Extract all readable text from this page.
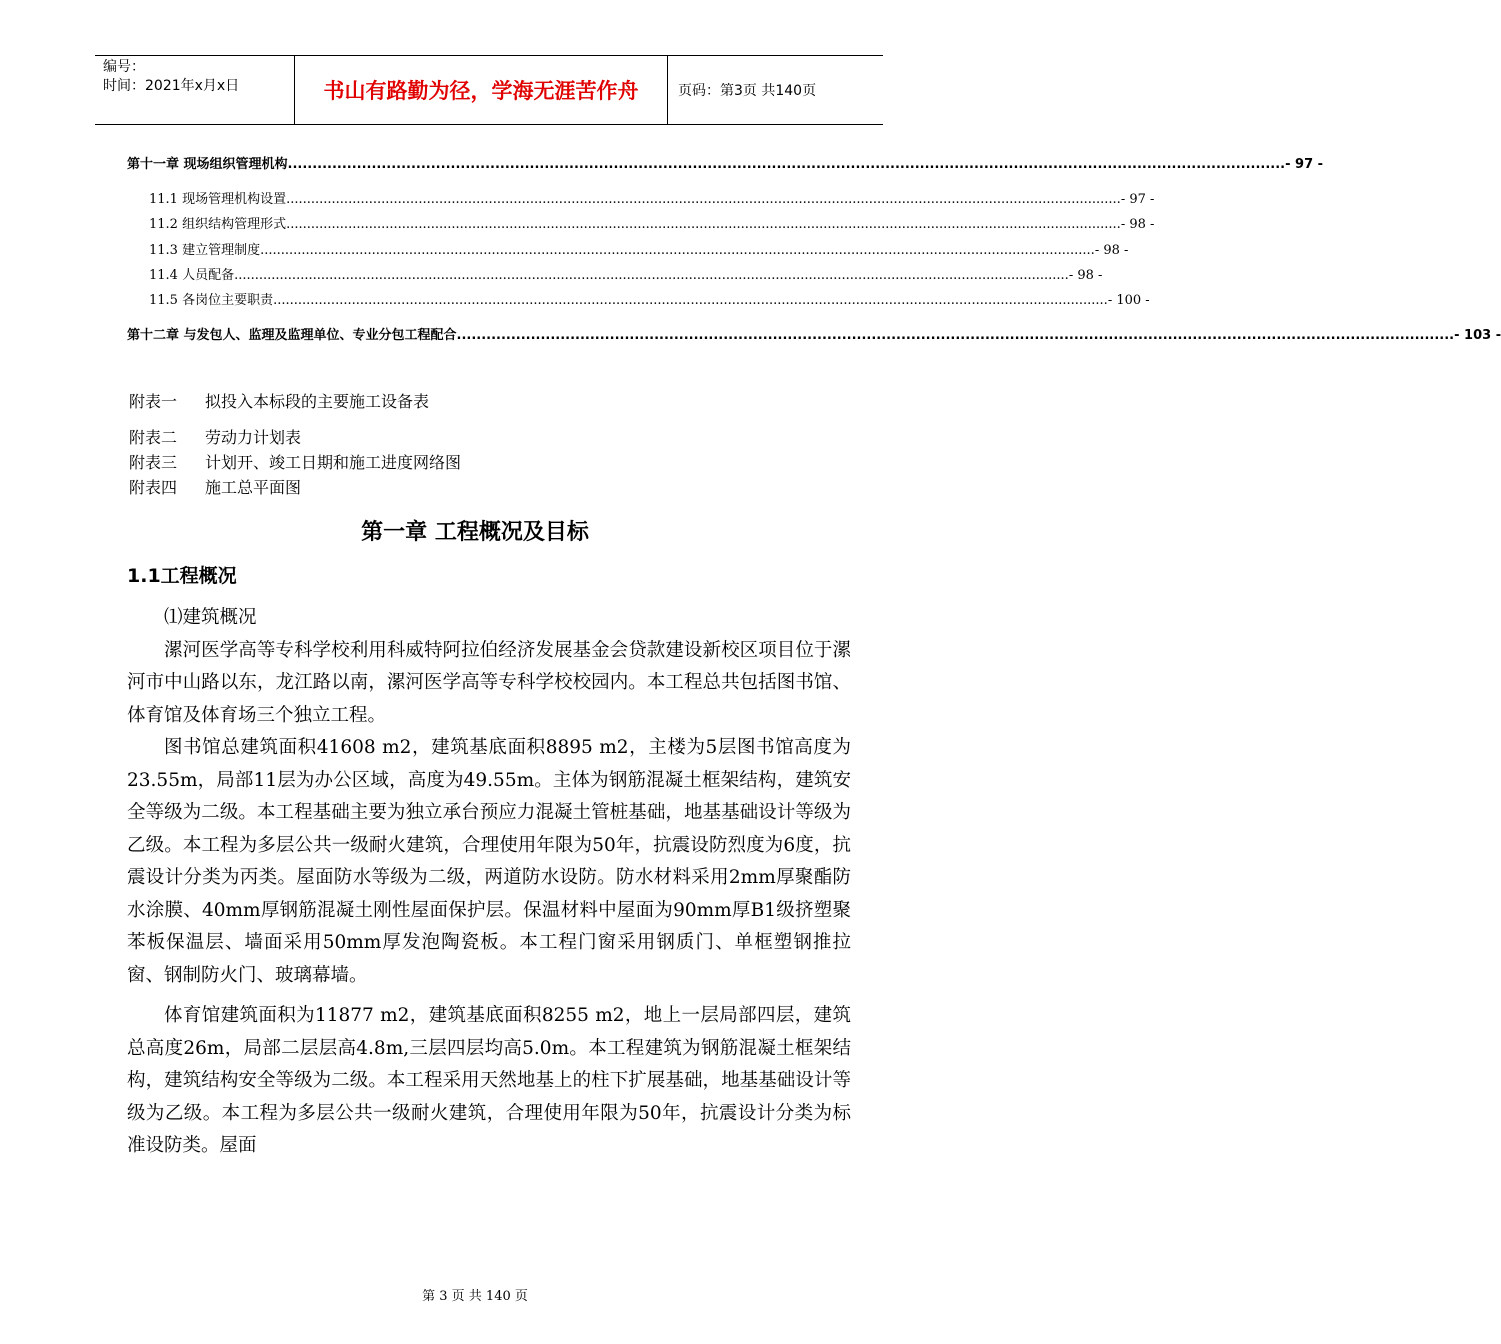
编号：
时间：2021年x月x日	书山有路勤为径，学海无涯苦作舟	页码：第3页 共140页
第十一章 现场组织管理机构 .......................................................................................................................................................................................................... - 97 -
11.1 现场管理机构设置 .......................................................................................................................................................................................................... - 97 -
11.2 组织结构管理形式 .......................................................................................................................................................................................................... - 98 -
11.3 建立管理制度 .......................................................................................................................................................................................................... - 98 -
11.4 人员配备 .......................................................................................................................................................................................................... - 98 -
11.5 各岗位主要职责 .......................................................................................................................................................................................................... - 100 -
第十二章 与发包人、监理及监理单位、专业分包工程配合 .......................................................................................................................................................................................................... - 103 -
附表一 拟投入本标段的主要施工设备表
附表二 劳动力计划表
附表三 计划开、竣工日期和施工进度网络图
附表四 施工总平面图
第一章 工程概况及目标
1.1工程概况

⑴建筑概况

漯河医学高等专科学校利用科威特阿拉伯经济发展基金会贷款建设新校区项目位于漯河市中山路以东，龙江路以南，漯河医学高等专科学校校园内。本工程总共包括图书馆、体育馆及体育场三个独立工程。

图书馆总建筑面积41608 m2，建筑基底面积8895 m2，主楼为5层图书馆高度为23.55m，局部11层为办公区域，高度为49.55m。主体为钢筋混凝土框架结构，建筑安全等级为二级。本工程基础主要为独立承台预应力混凝土管桩基础，地基基础设计等级为乙级。本工程为多层公共一级耐火建筑，合理使用年限为50年，抗震设防烈度为6度，抗震设计分类为丙类。屋面防水等级为二级，两道防水设防。防水材料采用2mm厚聚酯防水涂膜、40mm厚钢筋混凝土刚性屋面保护层。保温材料中屋面为90mm厚B1级挤塑聚苯板保温层、墙面采用50mm厚发泡陶瓷板。本工程门窗采用钢质门、单框塑钢推拉窗、钢制防火门、玻璃幕墙。

体育馆建筑面积为11877 m2，建筑基底面积8255 m2，地上一层局部四层，建筑总高度26m，局部二层层高4.8m,三层四层均高5.0m。本工程建筑为钢筋混凝土框架结构，建筑结构安全等级为二级。本工程采用天然地基上的柱下扩展基础，地基基础设计等级为乙级。本工程为多层公共一级耐火建筑，合理使用年限为50年，抗震设计分类为标准设防类。屋面

第 3 页 共 140 页
